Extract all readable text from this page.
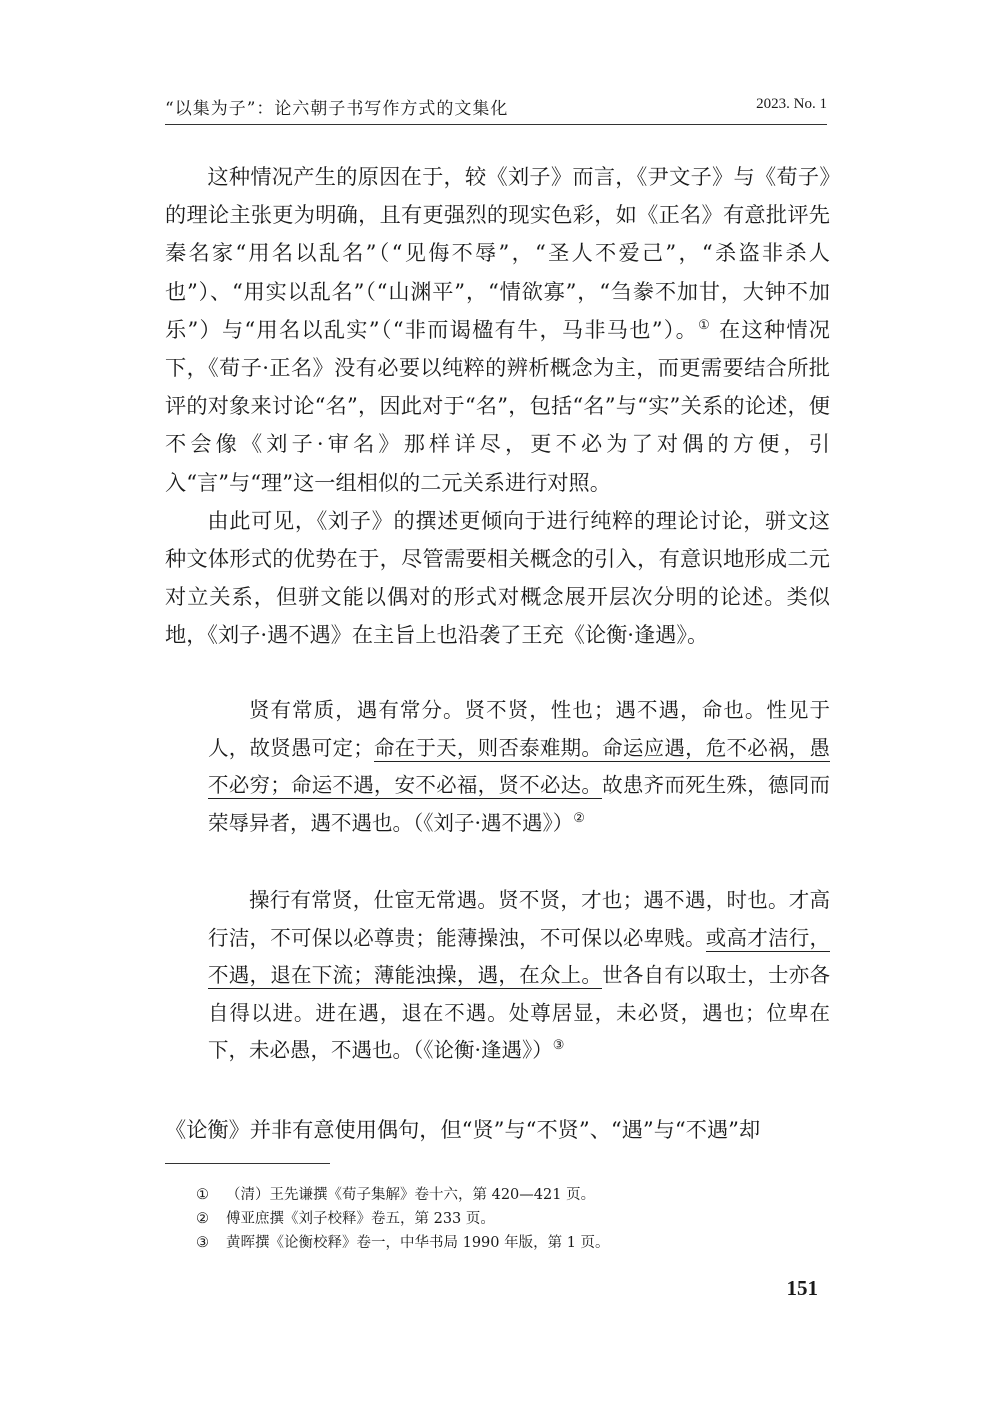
“以集为子”：论六朝子书写作方式的文集化	2023. No. 1

这种情况产生的原因在于，较《刘子》而言，《尹文子》与《荀子》的理论主张更为明确，且有更强烈的现实色彩，如《正名》有意批评先秦名家“用名以乱名”（“见侮不辱”，“圣人不爱己”，“杀盗非杀人也”）、“用实以乱名”（“山渊平”，“情欲寡”，“刍豢不加甘，大钟不加乐”）与“用名以乱实”（“非而谒楹有牛，马非马也”）。① 在这种情况下，《荀子·正名》没有必要以纯粹的辨析概念为主，而更需要结合所批评的对象来讨论“名”，因此对于“名”，包括“名”与“实”关系的论述，便不会像《刘子·审名》那样详尽，更不必为了对偶的方便，引入“言”与“理”这一组相似的二元关系进行对照。

由此可见，《刘子》的撰述更倾向于进行纯粹的理论讨论，骈文这种文体形式的优势在于，尽管需要相关概念的引入，有意识地形成二元对立关系，但骈文能以偶对的形式对概念展开层次分明的论述。类似地，《刘子·遇不遇》在主旨上也沿袭了王充《论衡·逢遇》。

贤有常质，遇有常分。贤不贤，性也；遇不遇，命也。性见于人，故贤愚可定；命在于天，则否泰难期。命运应遇，危不必祸，愚不必穷；命运不遇，安不必福，贤不必达。故患齐而死生殊，德同而荣辱异者，遇不遇也。（《刘子·遇不遇》）②

操行有常贤，仕宦无常遇。贤不贤，才也；遇不遇，时也。才高行洁，不可保以必尊贵；能薄操浊，不可保以必卑贱。或高才洁行，不遇，退在下流；薄能浊操，遇，在众上。世各自有以取士，士亦各自得以进。进在遇，退在不遇。处尊居显，未必贤，遇也；位卑在下，未必愚，不遇也。（《论衡·逢遇》）③

《论衡》并非有意使用偶句，但“贤”与“不贤”、“遇”与“不遇”却

① （清）王先谦撰《荀子集解》卷十六，第 420—421 页。
② 傅亚庶撰《刘子校释》卷五，第 233 页。
③ 黄晖撰《论衡校释》卷一，中华书局 1990 年版，第 1 页。
151
